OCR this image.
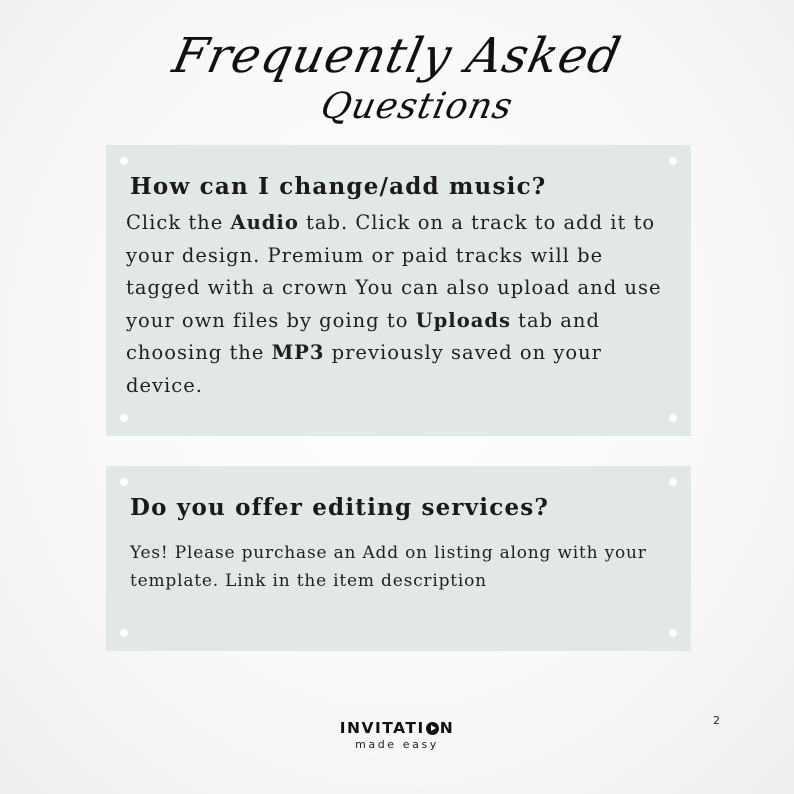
Frequently Asked
Questions
How can I change/add music?

Click the Audio tab. Click on a track to add it to your design. Premium or paid tracks will be tagged with a crown You can also upload and use your own files by going to Uploads tab and choosing the MP3 previously saved on your device.

Do you offer editing services?

Yes! Please purchase an Add on listing along with your template. Link in the item description

INVITATI N
made easy
2
